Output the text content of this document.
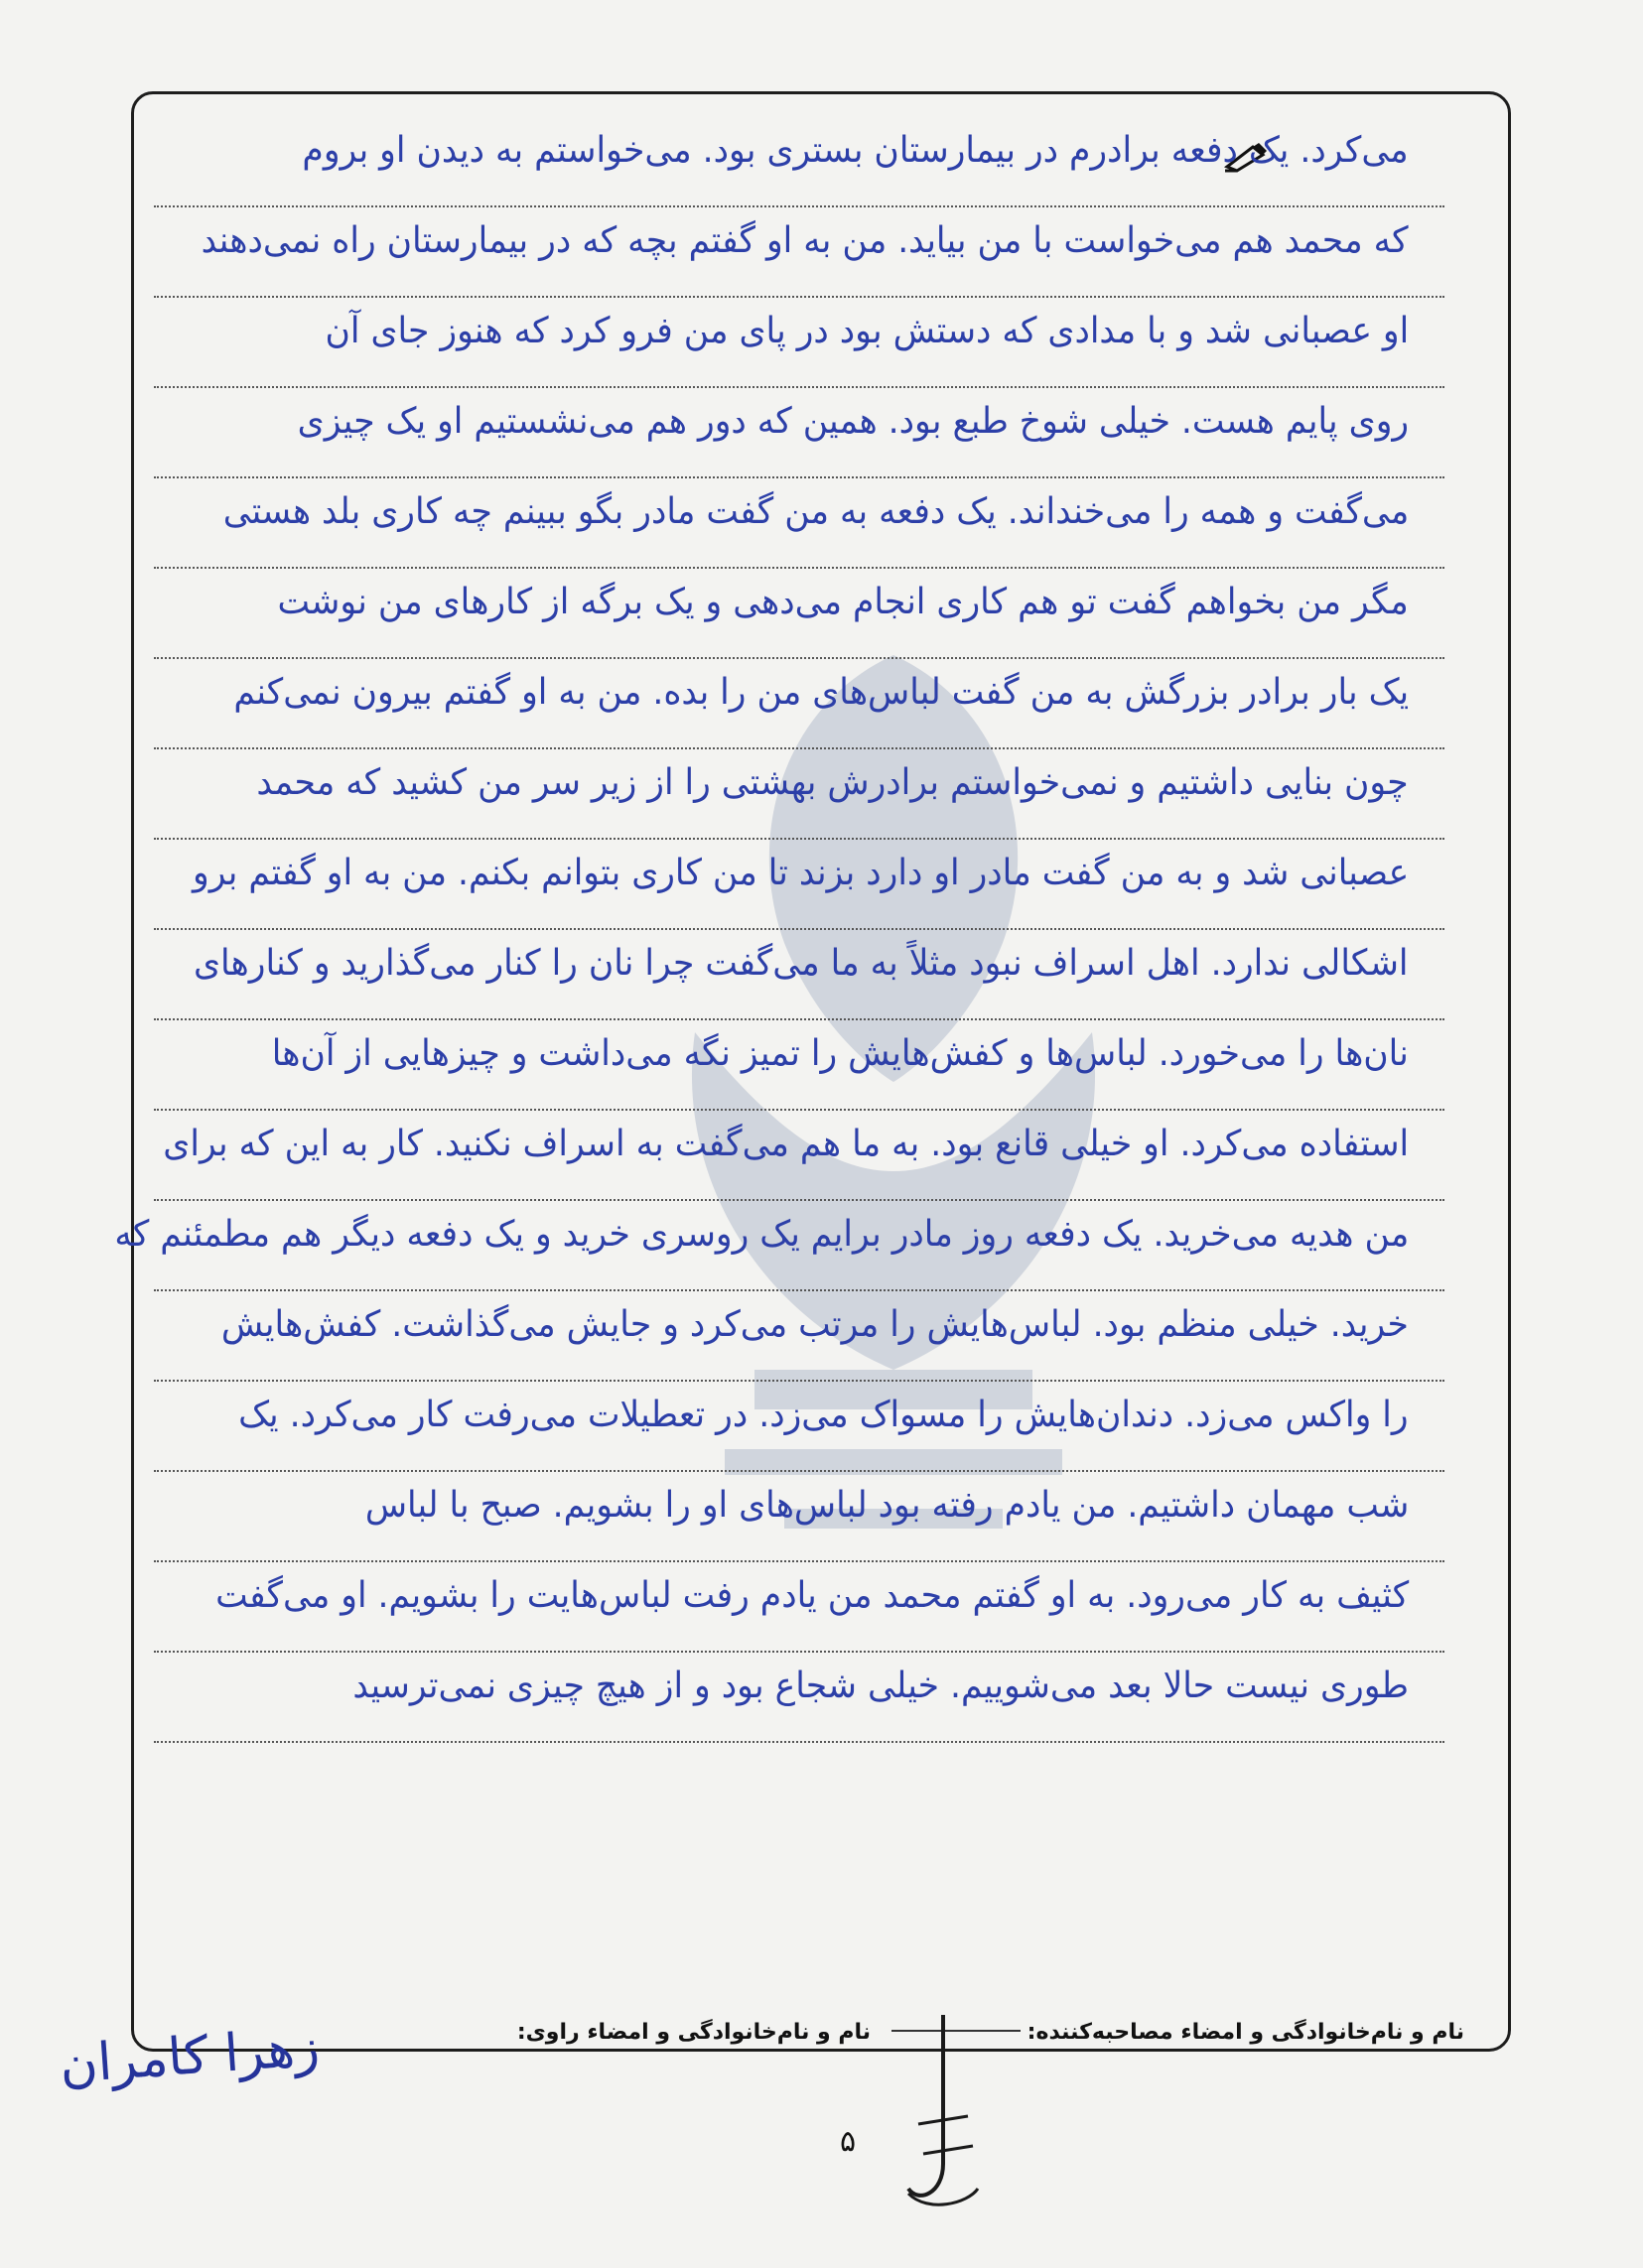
می‌کرد. یک دفعه برادرم در بیمارستان بستری بود. می‌خواستم به دیدن او بروم
که محمد هم می‌خواست با من بیاید. من به او گفتم بچه که در بیمارستان راه نمی‌دهند
او عصبانی شد و با مدادی که دستش بود در پای من فرو کرد که هنوز جای آن
روی پایم هست. خیلی شوخ طبع بود. همین که دور هم می‌نشستیم او یک چیزی
می‌گفت و همه را می‌خنداند. یک دفعه به من گفت مادر بگو ببینم چه کاری بلد هستی
مگر من بخواهم گفت تو هم کاری انجام می‌دهی و یک برگه از کارهای من نوشت
یک بار برادر بزرگش به من گفت لباس‌های من را بده. من به او گفتم بیرون نمی‌کنم
چون بنایی داشتیم و نمی‌خواستم برادرش بهشتی را از زیر سر من کشید که محمد
عصبانی شد و به من گفت مادر او دارد بزند تا من کاری بتوانم بکنم. من به او گفتم برو
اشکالی ندارد. اهل اسراف نبود مثلاً به ما می‌گفت چرا نان را کنار می‌گذارید و کنار‌های
نان‌ها را می‌خورد. لباس‌ها و کفش‌هایش را تمیز نگه می‌داشت و چیزهایی از آن‌ها
استفاده می‌کرد. او خیلی قانع بود. به ما هم می‌گفت به اسراف نکنید. کار به این که برای
من هدیه می‌خرید. یک دفعه روز مادر برایم یک روسری خرید و یک دفعه دیگر هم مطمئنم که
خرید. خیلی منظم بود. لباس‌هایش را مرتب می‌کرد و جایش می‌گذاشت. کفش‌هایش
را واکس می‌زد. دندان‌هایش را مسواک می‌زد. در تعطیلات می‌رفت کار می‌کرد. یک
شب مهمان داشتیم. من یادم رفته بود لباس‌های او را بشویم. صبح با لباس
کثیف به کار می‌رود. به او گفتم محمد من یادم رفت لباس‌هایت را بشویم. او می‌گفت
طوری نیست حالا بعد می‌شوییم. خیلی شجاع بود و از هیچ چیزی نمی‌ترسید
نام و نام‌خانوادگی و امضاء مصاحبه‌کننده: نام و نام‌خانوادگی و امضاء راوی:
زهرا کامران
۵
